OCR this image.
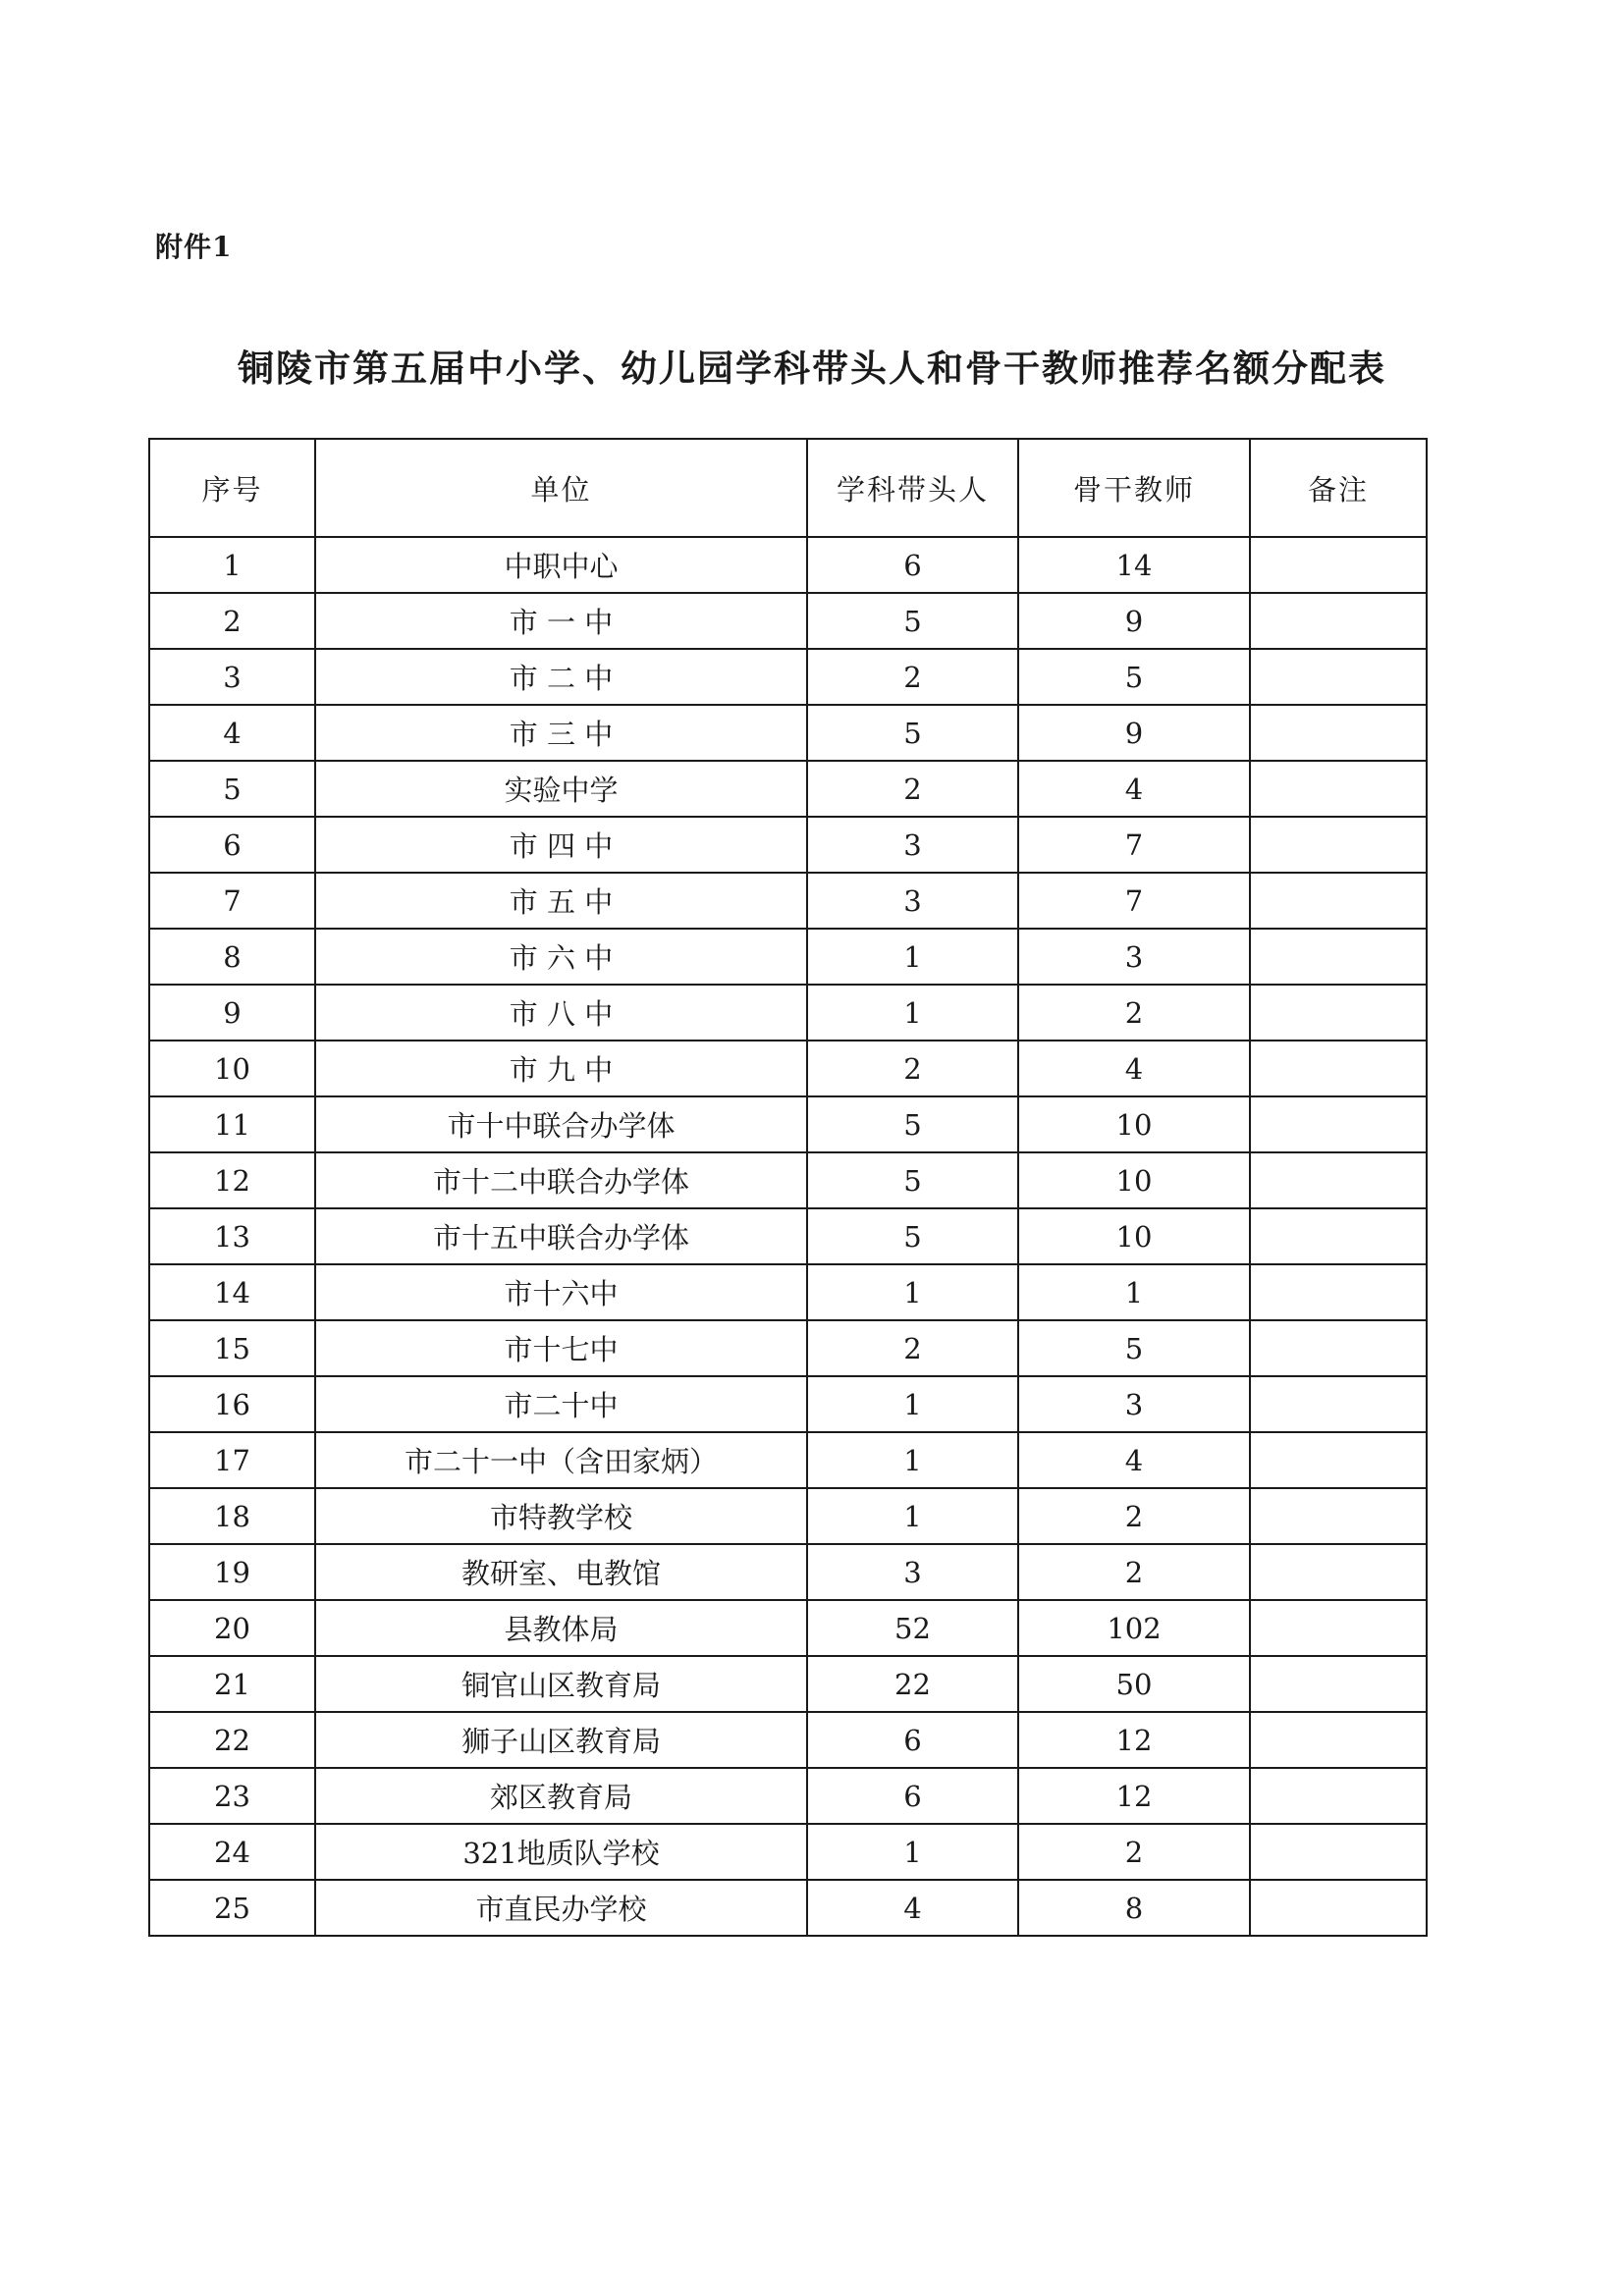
附件1
铜陵市第五届中小学、幼儿园学科带头人和骨干教师推荐名额分配表
序号	单位	学科带头人	骨干教师	备注
1	中职中心	6	14	
2	市 一 中	5	9	
3	市 二 中	2	5	
4	市 三 中	5	9	
5	实验中学	2	4	
6	市 四 中	3	7	
7	市 五 中	3	7	
8	市 六 中	1	3	
9	市 八 中	1	2	
10	市 九 中	2	4	
11	市十中联合办学体	5	10	
12	市十二中联合办学体	5	10	
13	市十五中联合办学体	5	10	
14	市十六中	1	1	
15	市十七中	2	5	
16	市二十中	1	3	
17	市二十一中（含田家炳）	1	4	
18	市特教学校	1	2	
19	教研室、电教馆	3	2	
20	县教体局	52	102	
21	铜官山区教育局	22	50	
22	狮子山区教育局	6	12	
23	郊区教育局	6	12	
24	321地质队学校	1	2	
25	市直民办学校	4	8	
